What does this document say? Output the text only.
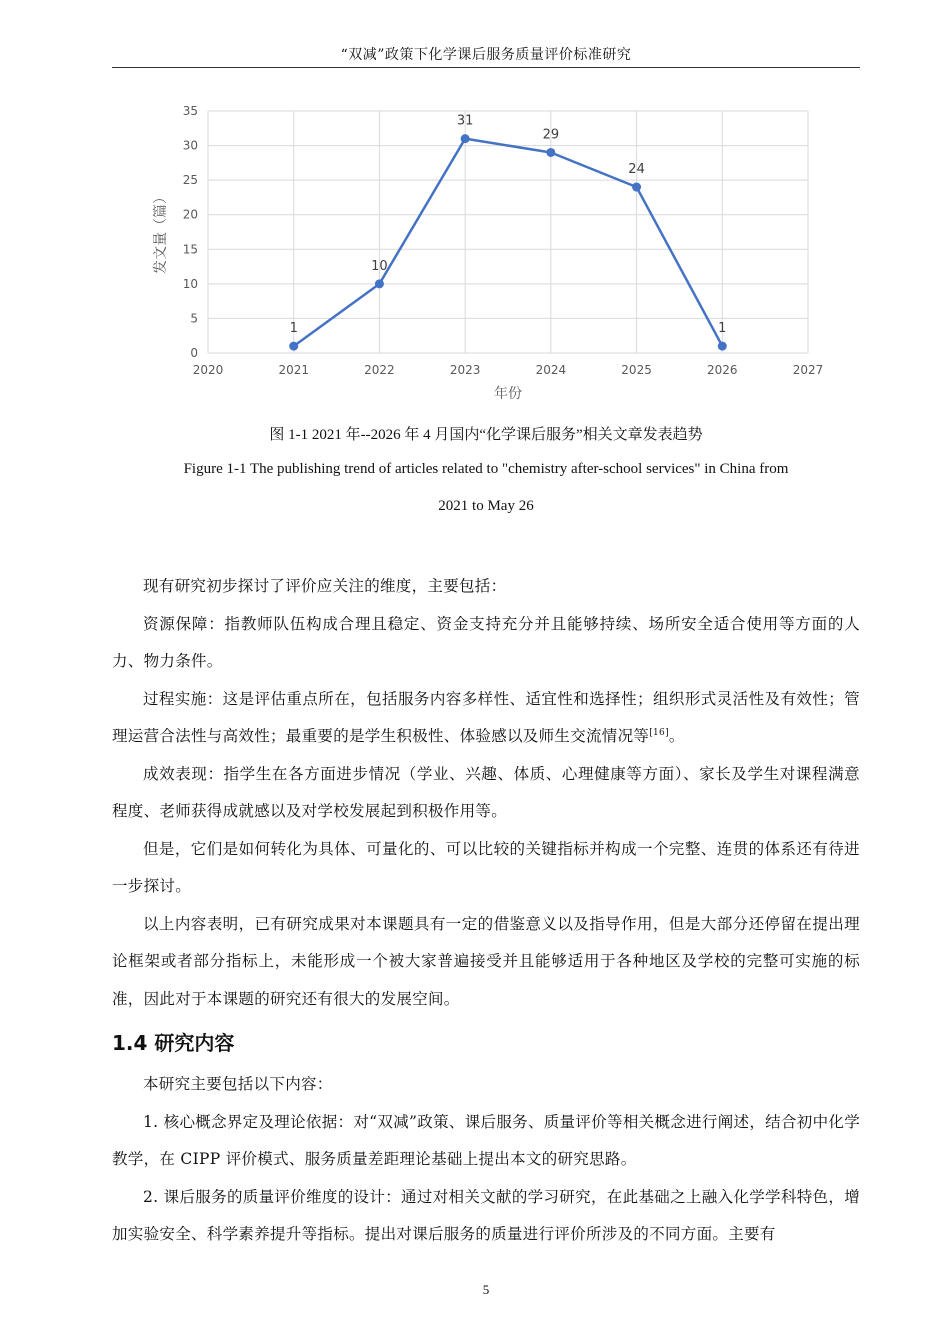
“双减”政策下化学课后服务质量评价标准研究
0
5
10
15
20
25
30
35
2020	2021	2022	2023	2024	2025	2026	2027
年份
发文量（篇）
1
10
31
29
24
1
图 1-1 2021 年--2026 年 4 月国内“化学课后服务”相关文章发表趋势
Figure 1-1 The publishing trend of articles related to "chemistry after-school services" in China from
2021 to May 26

现有研究初步探讨了评价应关注的维度，主要包括：

资源保障：指教师队伍构成合理且稳定、资金支持充分并且能够持续、场所安全适合使用等方面的人力、物力条件。

过程实施：这是评估重点所在，包括服务内容多样性、适宜性和选择性；组织形式灵活性及有效性；管理运营合法性与高效性；最重要的是学生积极性、体验感以及师生交流情况等[16]。

成效表现：指学生在各方面进步情况（学业、兴趣、体质、心理健康等方面）、家长及学生对课程满意程度、老师获得成就感以及对学校发展起到积极作用等。

但是，它们是如何转化为具体、可量化的、可以比较的关键指标并构成一个完整、连贯的体系还有待进一步探讨。

以上内容表明，已有研究成果对本课题具有一定的借鉴意义以及指导作用，但是大部分还停留在提出理论框架或者部分指标上，未能形成一个被大家普遍接受并且能够适用于各种地区及学校的完整可实施的标准，因此对于本课题的研究还有很大的发展空间。

1.4 研究内容

本研究主要包括以下内容：

1. 核心概念界定及理论依据：对“双减”政策、课后服务、质量评价等相关概念进行阐述，结合初中化学教学，在 CIPP 评价模式、服务质量差距理论基础上提出本文的研究思路。

2. 课后服务的质量评价维度的设计：通过对相关文献的学习研究，在此基础之上融入化学学科特色，增加实验安全、科学素养提升等指标。提出对课后服务的质量进行评价所涉及的不同方面。主要有

5
